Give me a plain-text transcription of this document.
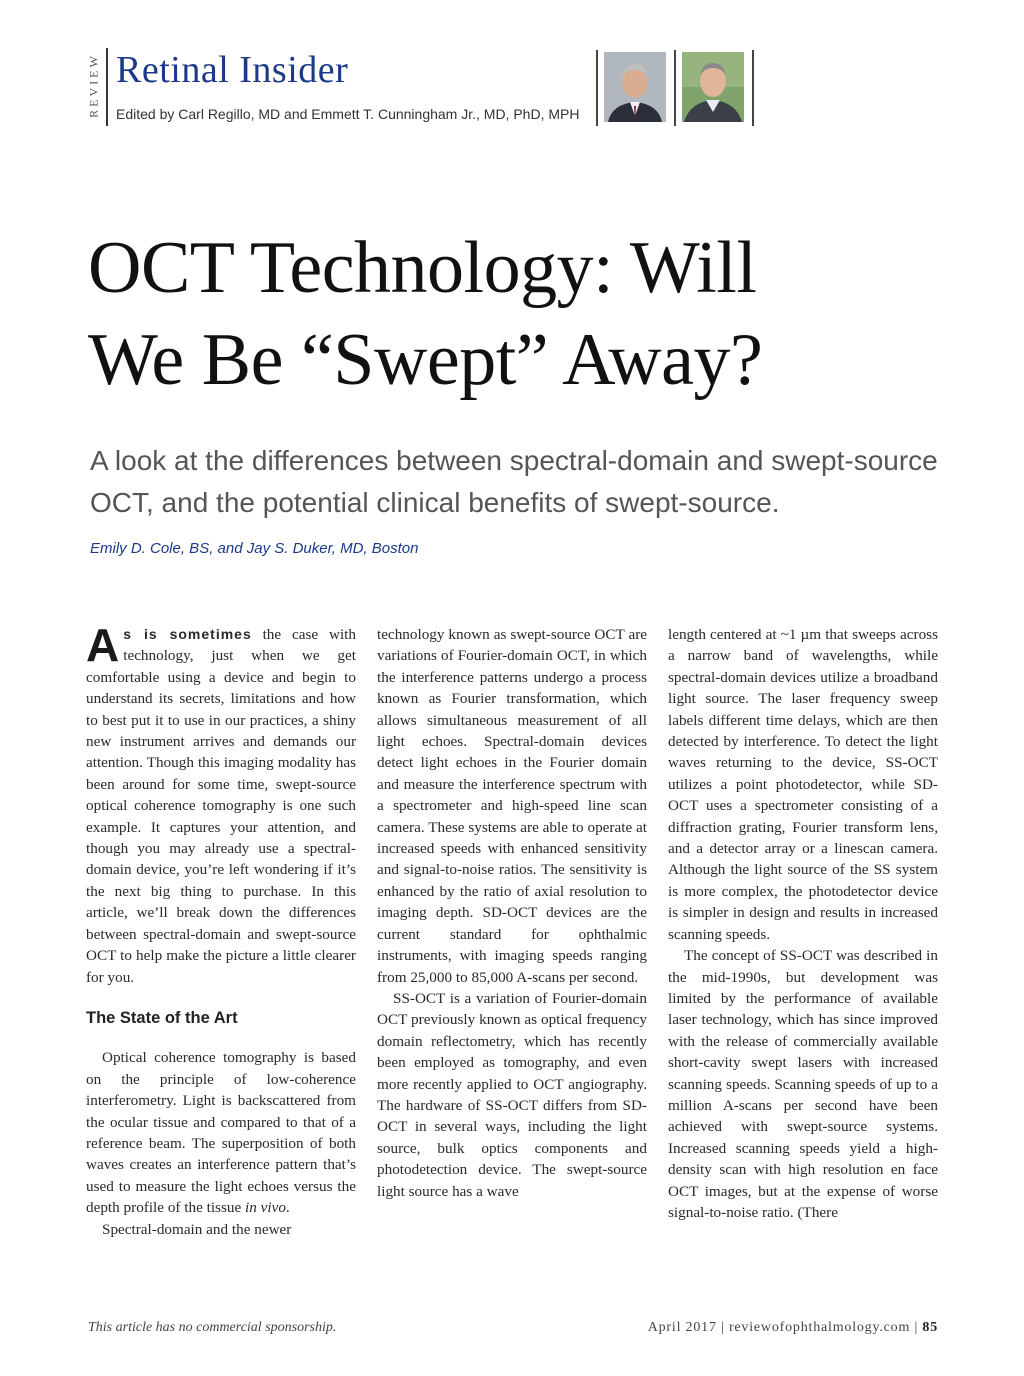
REVIEW Retinal Insider
Edited by Carl Regillo, MD and Emmett T. Cunningham Jr., MD, PhD, MPH
OCT Technology: Will
We Be “Swept” Away?
A look at the differences between spectral-domain and swept-source OCT, and the potential clinical benefits of swept-source.
Emily D. Cole, BS, and Jay S. Duker, MD, Boston

As is sometimes the case with technology, just when we get comfortable using a device and begin to understand its secrets, limitations and how to best put it to use in our practices, a shiny new instrument arrives and demands our attention. Though this imaging modality has been around for some time, swept-source optical coherence tomography is one such example. It captures your attention, and though you may already use a spectral-domain device, you’re left wondering if it’s the next big thing to purchase. In this article, we’ll break down the differences between spectral-domain and swept-source OCT to help make the picture a little clearer for you.

The State of the Art

Optical coherence tomography is based on the principle of low-coherence interferometry. Light is backscattered from the ocular tissue and compared to that of a reference beam. The superposition of both waves creates an interference pattern that’s used to measure the light echoes versus the depth profile of the tissue in vivo.

Spectral-domain and the newer

technology known as swept-source OCT are variations of Fourier-domain OCT, in which the interference patterns undergo a process known as Fourier transformation, which allows simultaneous measurement of all light echoes. Spectral-domain devices detect light echoes in the Fourier domain and measure the interference spectrum with a spectrometer and high-speed line scan camera. These systems are able to operate at increased speeds with enhanced sensitivity and signal-to-noise ratios. The sensitivity is enhanced by the ratio of axial resolution to imaging depth. SD-OCT devices are the current standard for ophthalmic instruments, with imaging speeds ranging from 25,000 to 85,000 A-scans per second.

SS-OCT is a variation of Fourier-domain OCT previously known as optical frequency domain reflectometry, which has recently been employed as tomography, and even more recently applied to OCT angiography. The hardware of SS-OCT differs from SD-OCT in several ways, including the light source, bulk optics components and photodetection device. The swept-source light source has a wave

length centered at ~1 µm that sweeps across a narrow band of wavelengths, while spectral-domain devices utilize a broadband light source. The laser frequency sweep labels different time delays, which are then detected by interference. To detect the light waves returning to the device, SS-OCT utilizes a point photodetector, while SD-OCT uses a spectrometer consisting of a diffraction grating, Fourier transform lens, and a detector array or a linescan camera. Although the light source of the SS system is more complex, the photodetector device is simpler in design and results in increased scanning speeds.

The concept of SS-OCT was described in the mid-1990s, but development was limited by the performance of available laser technology, which has since improved with the release of commercially available short-cavity swept lasers with increased scanning speeds. Scanning speeds of up to a million A-scans per second have been achieved with swept-source systems. Increased scanning speeds yield a high-density scan with high resolution en face OCT images, but at the expense of worse signal-to-noise ratio. (There

This article has no commercial sponsorship.	April 2017 | reviewofophthalmology.com | 85
